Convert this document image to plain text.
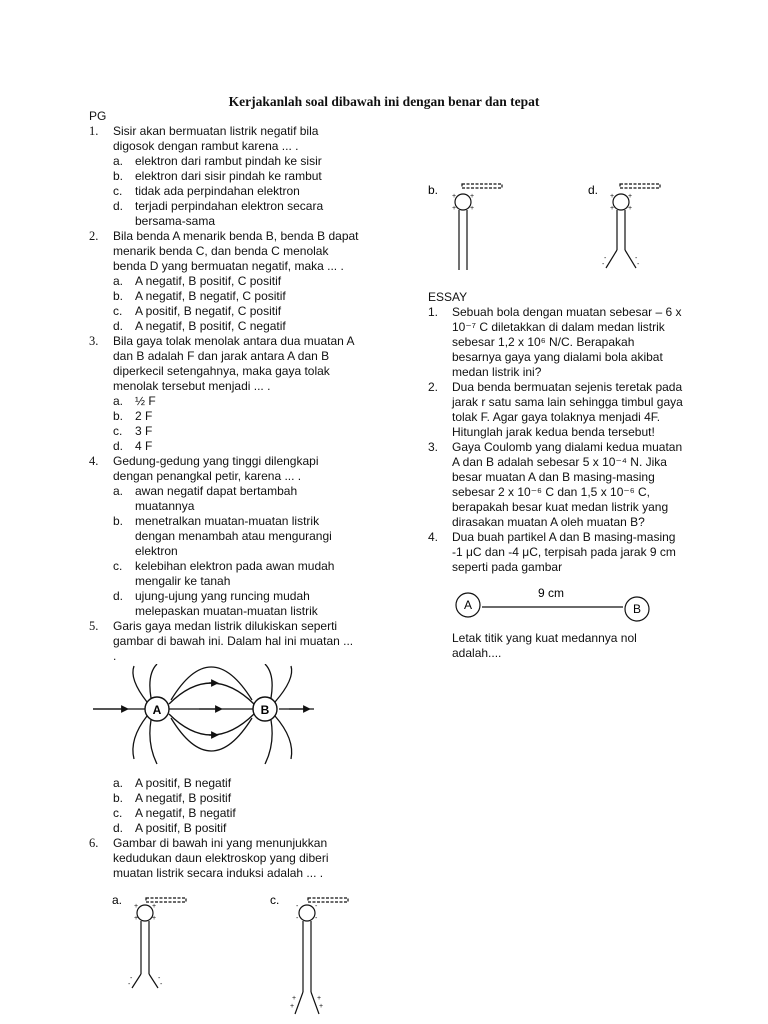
Kerjakanlah soal dibawah ini dengan benar dan tepat
PG
1.	Sisir akan bermuatan listrik negatif bila digosok dengan rambut karena ... .
a. elektron dari rambut pindah ke sisir
b. elektron dari sisir pindah ke rambut
c.	tidak ada perpindahan elektron
d. terjadi perpindahan elektron secara bersama-sama
2.	Bila benda A menarik benda B, benda B dapat menarik benda C, dan benda C menolak benda D yang bermuatan negatif, maka ... .
a. A negatif, B positif, C positif
b. A negatif, B negatif, C positif
c.	A positif, B negatif, C positif
d. A negatif, B positif, C negatif
3.	Bila gaya tolak menolak antara dua muatan A dan B adalah F dan jarak antara A dan B diperkecil setengahnya, maka gaya tolak menolak tersebut menjadi ... .
a. ½ F
b. 2 F
c.	3 F
d. 4 F
4.	Gedung-gedung yang tinggi dilengkapi dengan penangkal petir, karena ... .
a. awan negatif dapat bertambah muatannya
b. menetralkan muatan-muatan listrik dengan menambah atau mengurangi elektron
c.	kelebihan elektron pada awan mudah mengalir ke tanah
d. ujung-ujung yang runcing mudah melepaskan muatan-muatan listrik
5.	Garis gaya medan listrik dilukiskan seperti gambar di bawah ini. Dalam hal ini muatan ... .
A	B
a. A positif, B negatif
b. A negatif, B positif
c.	A negatif, B negatif
d. A positif, B positif
6.	Gambar di bawah ini yang menunjukkan kedudukan daun elektroskop yang diberi muatan listrik secara induksi adalah ... .
a.	c.
+ +
+ +
-	-
-	-
- -
- -
+	+
+	+
b.	d.
+ +
+ +
+ +
+ +
-	-
-	-
ESSAY
1.	Sebuah bola dengan muatan sebesar – 6 x 10⁻⁷ C diletakkan di dalam medan listrik sebesar 1,2 x 10⁶ N/C. Berapakah besarnya gaya yang dialami bola akibat medan listrik ini?
2.	Dua benda bermuatan sejenis teretak pada jarak r satu sama lain sehingga timbul gaya tolak F. Agar gaya tolaknya menjadi 4F. Hitunglah jarak kedua benda tersebut!
3.	Gaya Coulomb yang dialami kedua muatan A dan B adalah sebesar 5 x 10⁻⁴ N. Jika besar muatan A dan B masing-masing sebesar 2 x 10⁻⁶ C dan 1,5 x 10⁻⁶ C, berapakah besar kuat medan listrik yang dirasakan muatan A oleh muatan B?
4.	Dua buah partikel A dan B masing-masing -1 μC dan -4 μC, terpisah pada jarak 9 cm seperti pada gambar
A	B
9 cm
Letak titik yang kuat medannya nol adalah....
